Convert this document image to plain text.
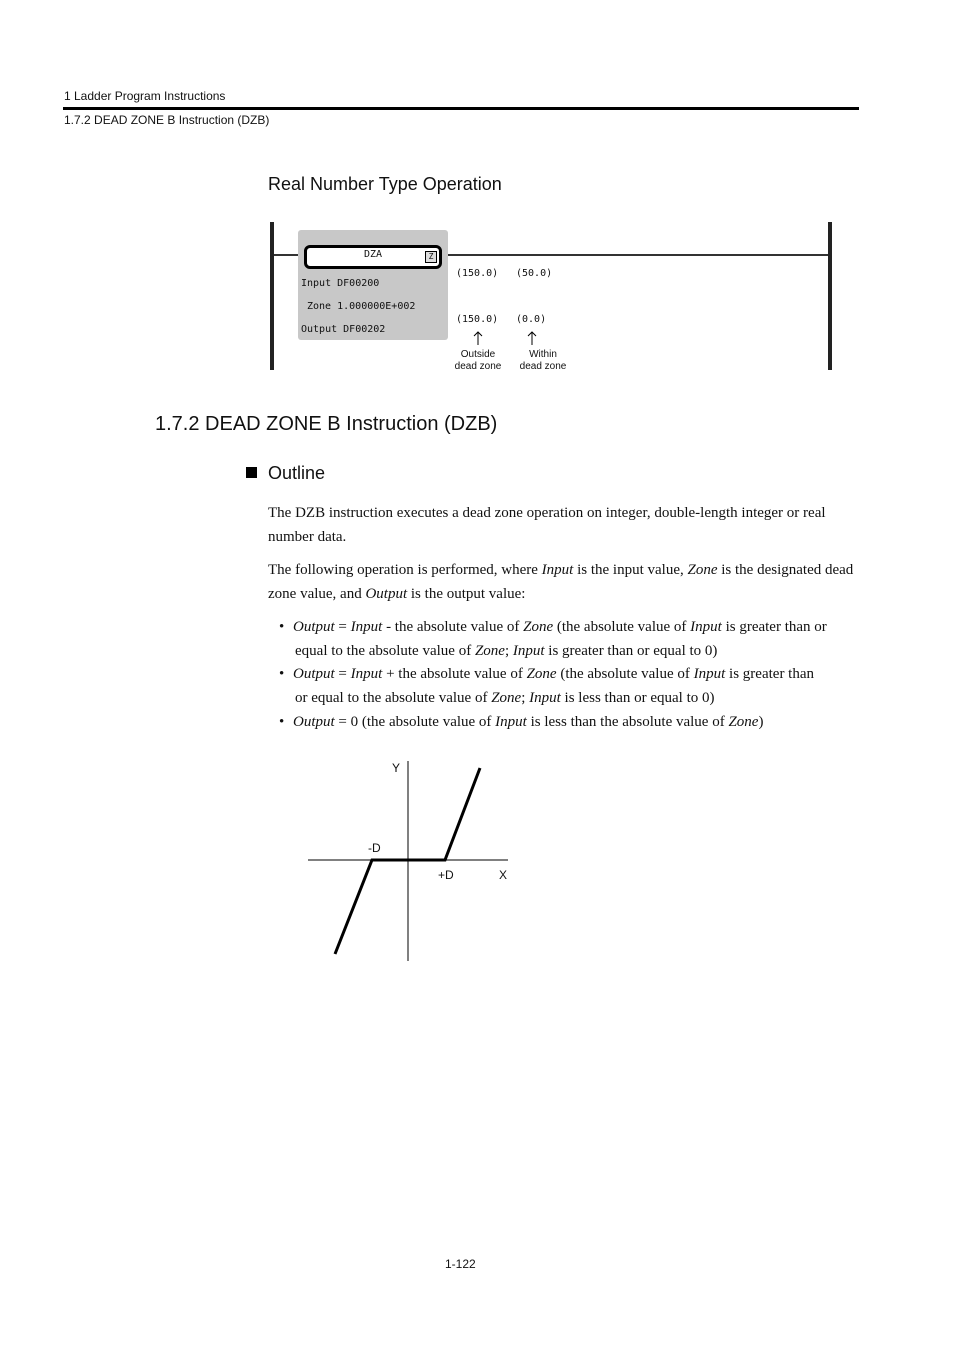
1 Ladder Program Instructions
1.7.2 DEAD ZONE B Instruction (DZB)
Real Number Type Operation
DZA	Z
Input DF00200
Zone 1.000000E+002
Output DF00202
(150.0) (50.0)
(150.0) (0.0)
Outside
dead zone
Within
dead zone
1.7.2 DEAD ZONE B Instruction (DZB)
Outline
The DZB instruction executes a dead zone operation on integer, double-length integer or real number data.
The following operation is performed, where Input is the input value, Zone is the designated dead zone value, and Output is the output value:
• Output = Input - the absolute value of Zone (the absolute value of Input is greater than or
equal to the absolute value of Zone; Input is greater than or equal to 0)
• Output = Input + the absolute value of Zone (the absolute value of Input is greater than
or equal to the absolute value of Zone; Input is less than or equal to 0)
• Output = 0 (the absolute value of Input is less than the absolute value of Zone)
Y
-D
+D	X
1-122
